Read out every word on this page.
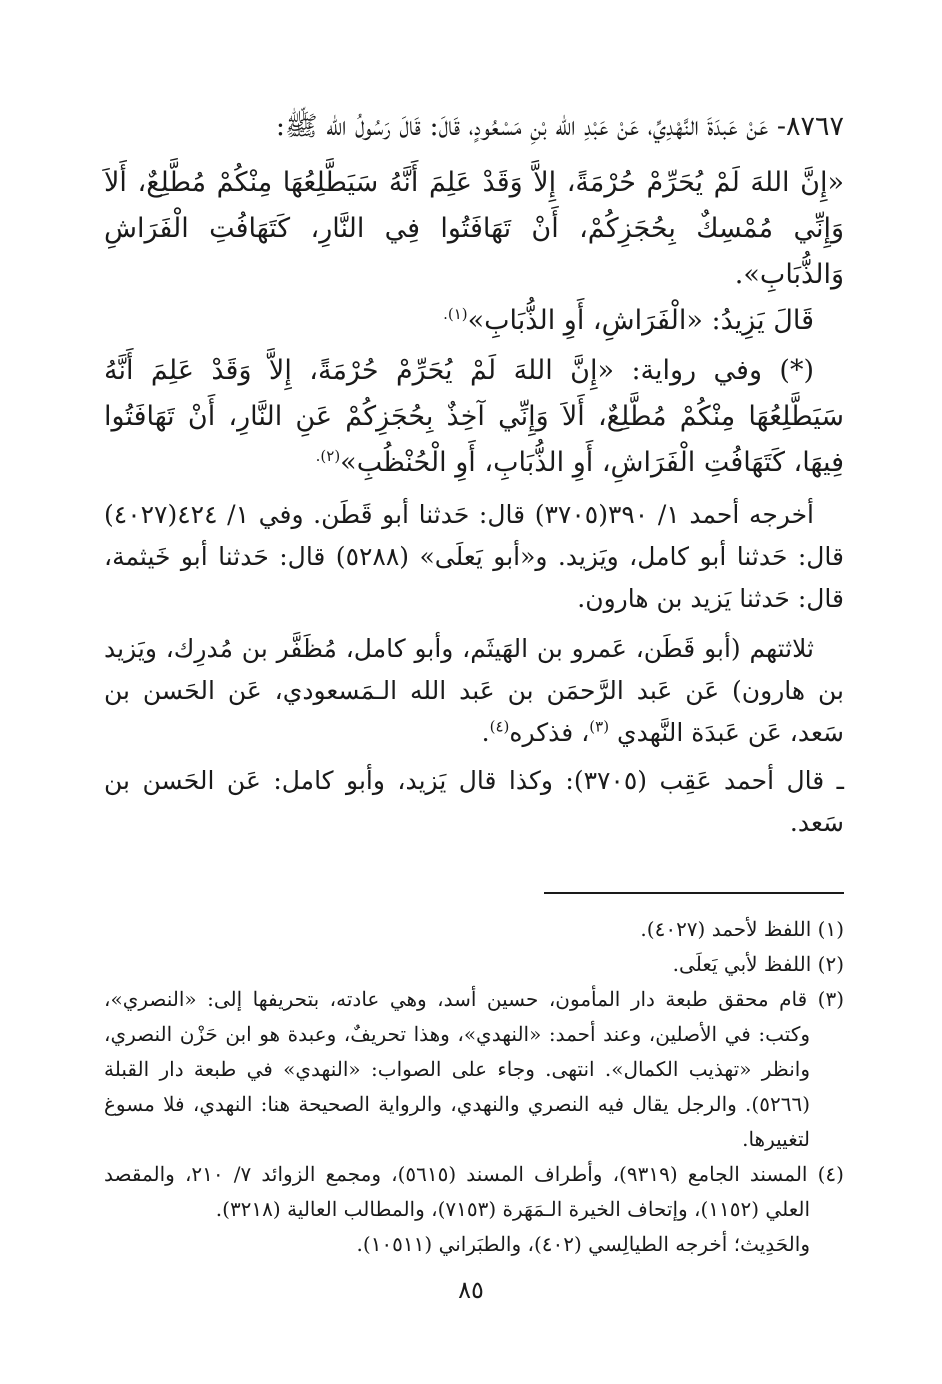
٨٧٦٧- عَنْ عَبدَةَ النَّهْدِيِّ، عَنْ عَبْدِ الله بْنِ مَسْعُودٍ، قَالَ: قَالَ رَسُولُ الله ﷺ:

«إِنَّ اللهَ لَمْ يُحَرِّمْ حُرْمَةً، إِلاَّ وَقَدْ عَلِمَ أَنَّهُ سَيَطَّلِعُهَا مِنْكُمْ مُطَّلِعٌ، أَلاَ وَإِنِّي مُمْسِكٌ بِحُجَزِكُمْ، أَنْ تَهَافَتُوا فِي النَّارِ، كَتَهَافُتِ الْفَرَاشِ وَالذُّبَابِ».

قَالَ يَزِيدُ: «الْفَرَاشِ، أَوِ الذُّبَابِ»$^{(١).}$

(*) وفي رواية: «إِنَّ اللهَ لَمْ يُحَرِّمْ حُرْمَةً، إِلاَّ وَقَدْ عَلِمَ أَنَّهُ سَيَطَّلِعُهَا مِنْكُمْ مُطَّلِعٌ، أَلاَ وَإِنِّي آخِذٌ بِحُجَزِكُمْ عَنِ النَّارِ، أَنْ تَهَافَتُوا فِيهَا، كَتَهَافُتِ الْفَرَاشِ، أَوِ الذُّبَابِ، أَوِ الْحُنْظُبِ»$^{(٢).}$

أخرجه أحمد ١/ ٣٩٠(٣٧٠٥) قال: حَدثنا أبو قَطَن. وفي ١/ ٤٢٤(٤٠٢٧) قال: حَدثنا أبو كامل، ويَزيد. و«أبو يَعلَى» (٥٢٨٨) قال: حَدثنا أبو خَيثمة، قال: حَدثنا يَزيد بن هارون.

ثلاثتهم (أبو قَطَن، عَمرو بن الهَيثَم، وأبو كامل، مُظَفَّر بن مُدرِك، ويَزيد بن هارون) عَن عَبد الرَّحمَن بن عَبد الله الـمَسعودي، عَن الحَسن بن سَعد، عَن عَبدَة النَّهدي $^{(٣)}$، فذكره$^{(٤)}$.

ـ قال أحمد عَقِب (٣٧٠٥): وكذا قال يَزيد، وأبو كامل: عَن الحَسن بن سَعد.

(١) اللفظ لأحمد (٤٠٢٧).

(٢) اللفظ لأبي يَعلَى.

(٣) قام محقق طبعة دار المأمون، حسين أسد، وهي عادته، بتحريفها إلى: «النصري»، وكتب: في الأصلين، وعند أحمد: «النهدي»، وهذا تحريفٌ، وعبدة هو ابن حَزْن النصري، وانظر «تهذيب الكمال». انتهى. وجاء على الصواب: «النهدي» في طبعة دار القبلة (٥٢٦٦). والرجل يقال فيه النصري والنهدي، والرواية الصحيحة هنا: النهدي، فلا مسوغ لتغييرها.

(٤) المسند الجامع (٩٣١٩)، وأطراف المسند (٥٦١٥)، ومجمع الزوائد ٧/ ٢١٠، والمقصد العلي (١١٥٢)، وإتحاف الخيرة الـمَهَرة (٧١٥٣)، والمطالب العالية (٣٢١٨).

والحَدِيث؛ أخرجه الطيالِسي (٤٠٢)، والطبَراني (١٠٥١١).

٨٥
